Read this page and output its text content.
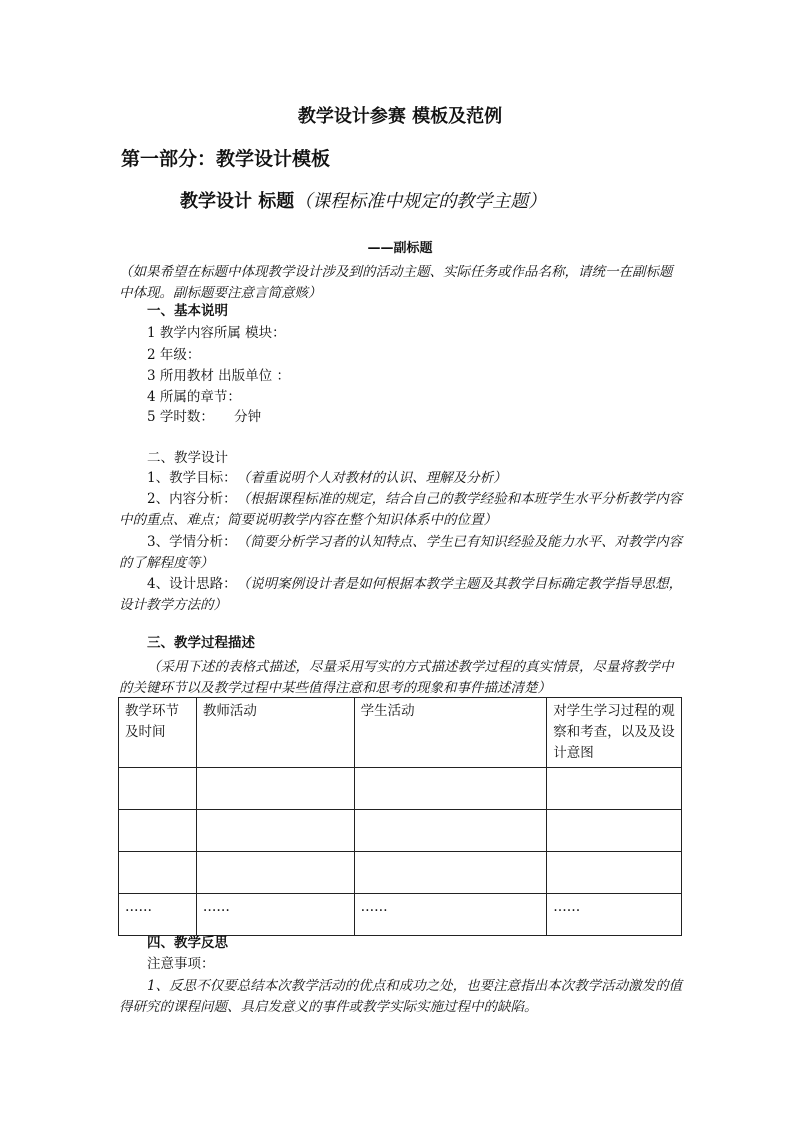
教学设计参赛 模板及范例
第一部分：教学设计模板
教学设计 标题（课程标准中规定的教学主题）
——副标题
（如果希望在标题中体现教学设计涉及到的活动主题、实际任务或作品名称，请统一在副标题中体现。副标题要注意言简意赅）
一、基本说明
1 教学内容所属 模块：
2 年级：
3 所用教材 出版单位 ：
4 所属的章节：
5 学时数：　　分钟
二、教学设计
1、教学目标：　 （着重说明个人对教材的认识、理解及分析）
2、内容分析：　 （根据课程标准的规定，结合自己的教学经验和本班学生水平分析教学内容中的重点、难点；简要说明教学内容在整个知识体系中的位置）
3、学情分析：　 （简要分析学习者的认知特点、学生已有知识经验及能力水平、对教学内容的了解程度等）
4、设计思路：　 （说明案例设计者是如何根据本教学主题及其教学目标确定教学指导思想，设计教学方法的）
三、教学过程描述
（采用下述的表格式描述，尽量采用写实的方式描述教学过程的真实情景，尽量将教学中的关键环节以及教学过程中某些值得注意和思考的现象和事件描述清楚）
教学环节及时间	教师活动	学生活动	对学生学习过程的观察和考查，以及及设计意图

……	……	……	……
四、教学反思
注意事项：
1、反思不仅要总结本次教学活动的优点和成功之处，也要注意指出本次教学活动激发的值得研究的课程问题、具启发意义的事件或教学实际实施过程中的缺陷。
